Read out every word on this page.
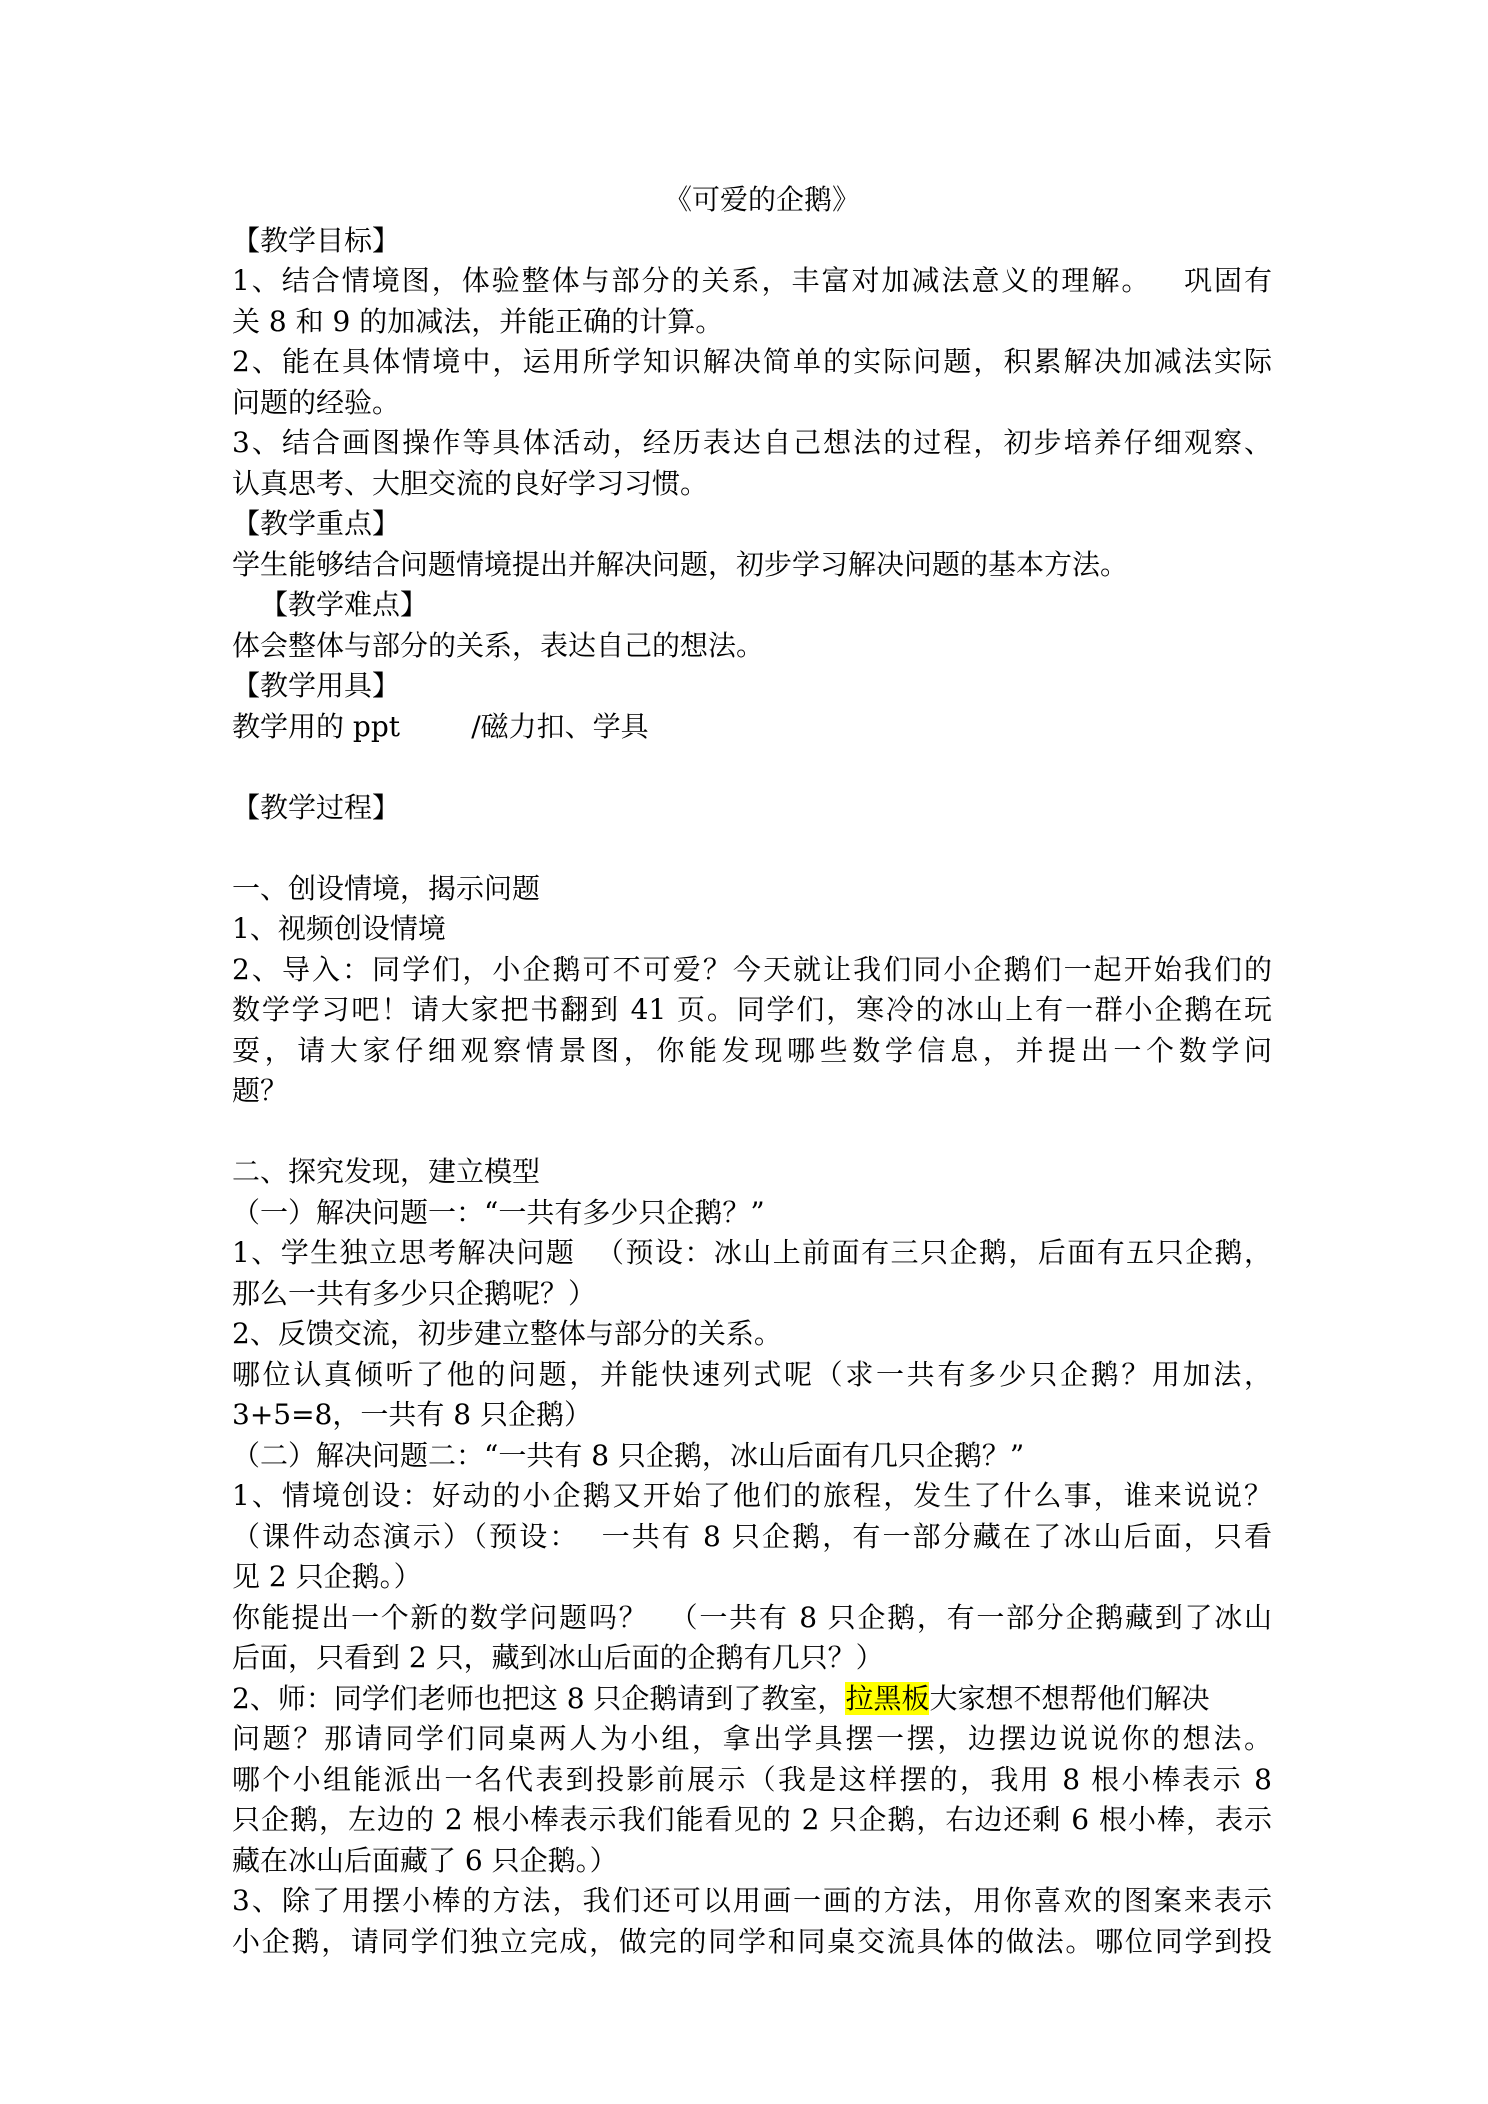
《可爱的企鹅》

【教学目标】

1、结合情境图，体验整体与部分的关系，丰富对加减法意义的理解。   巩固有

关 8 和 9 的加减法，并能正确的计算。

2、能在具体情境中，运用所学知识解决简单的实际问题，积累解决加减法实际

问题的经验。

3、结合画图操作等具体活动，经历表达自己想法的过程，初步培养仔细观察、

认真思考、大胆交流的良好学习习惯。

【教学重点】

学生能够结合问题情境提出并解决问题，初步学习解决问题的基本方法。

【教学难点】

体会整体与部分的关系，表达自己的想法。

【教学用具】

教学用的 ppt        /磁力扣、学具

【教学过程】

一、创设情境，揭示问题

1、视频创设情境

2、导入：同学们，小企鹅可不可爱？今天就让我们同小企鹅们一起开始我们的

数学学习吧！请大家把书翻到 41 页。同学们，寒冷的冰山上有一群小企鹅在玩

耍，请大家仔细观察情景图，你能发现哪些数学信息，并提出一个数学问

题？

二、探究发现，建立模型

（一）解决问题一：“一共有多少只企鹅？”

1、学生独立思考解决问题  （预设：冰山上前面有三只企鹅，后面有五只企鹅，

那么一共有多少只企鹅呢？）

2、反馈交流，初步建立整体与部分的关系。

哪位认真倾听了他的问题，并能快速列式呢（求一共有多少只企鹅？用加法，

3+5=8，一共有 8 只企鹅）

（二）解决问题二：“一共有 8 只企鹅，冰山后面有几只企鹅？”

1、情境创设：好动的小企鹅又开始了他们的旅程，发生了什么事，谁来说说？

（课件动态演示）（预设：  一共有 8 只企鹅，有一部分藏在了冰山后面，只看

见 2 只企鹅。）

你能提出一个新的数学问题吗？  （一共有 8 只企鹅，有一部分企鹅藏到了冰山

后面，只看到 2 只，藏到冰山后面的企鹅有几只？）

2、师：同学们老师也把这 8 只企鹅请到了教室，拉黑板大家想不想帮他们解决

问题？那请同学们同桌两人为小组，拿出学具摆一摆，边摆边说说你的想法。

哪个小组能派出一名代表到投影前展示（我是这样摆的，我用 8 根小棒表示 8

只企鹅，左边的 2 根小棒表示我们能看见的 2 只企鹅，右边还剩 6 根小棒，表示

藏在冰山后面藏了 6 只企鹅。）

3、除了用摆小棒的方法，我们还可以用画一画的方法，用你喜欢的图案来表示

小企鹅，请同学们独立完成，做完的同学和同桌交流具体的做法。哪位同学到投
